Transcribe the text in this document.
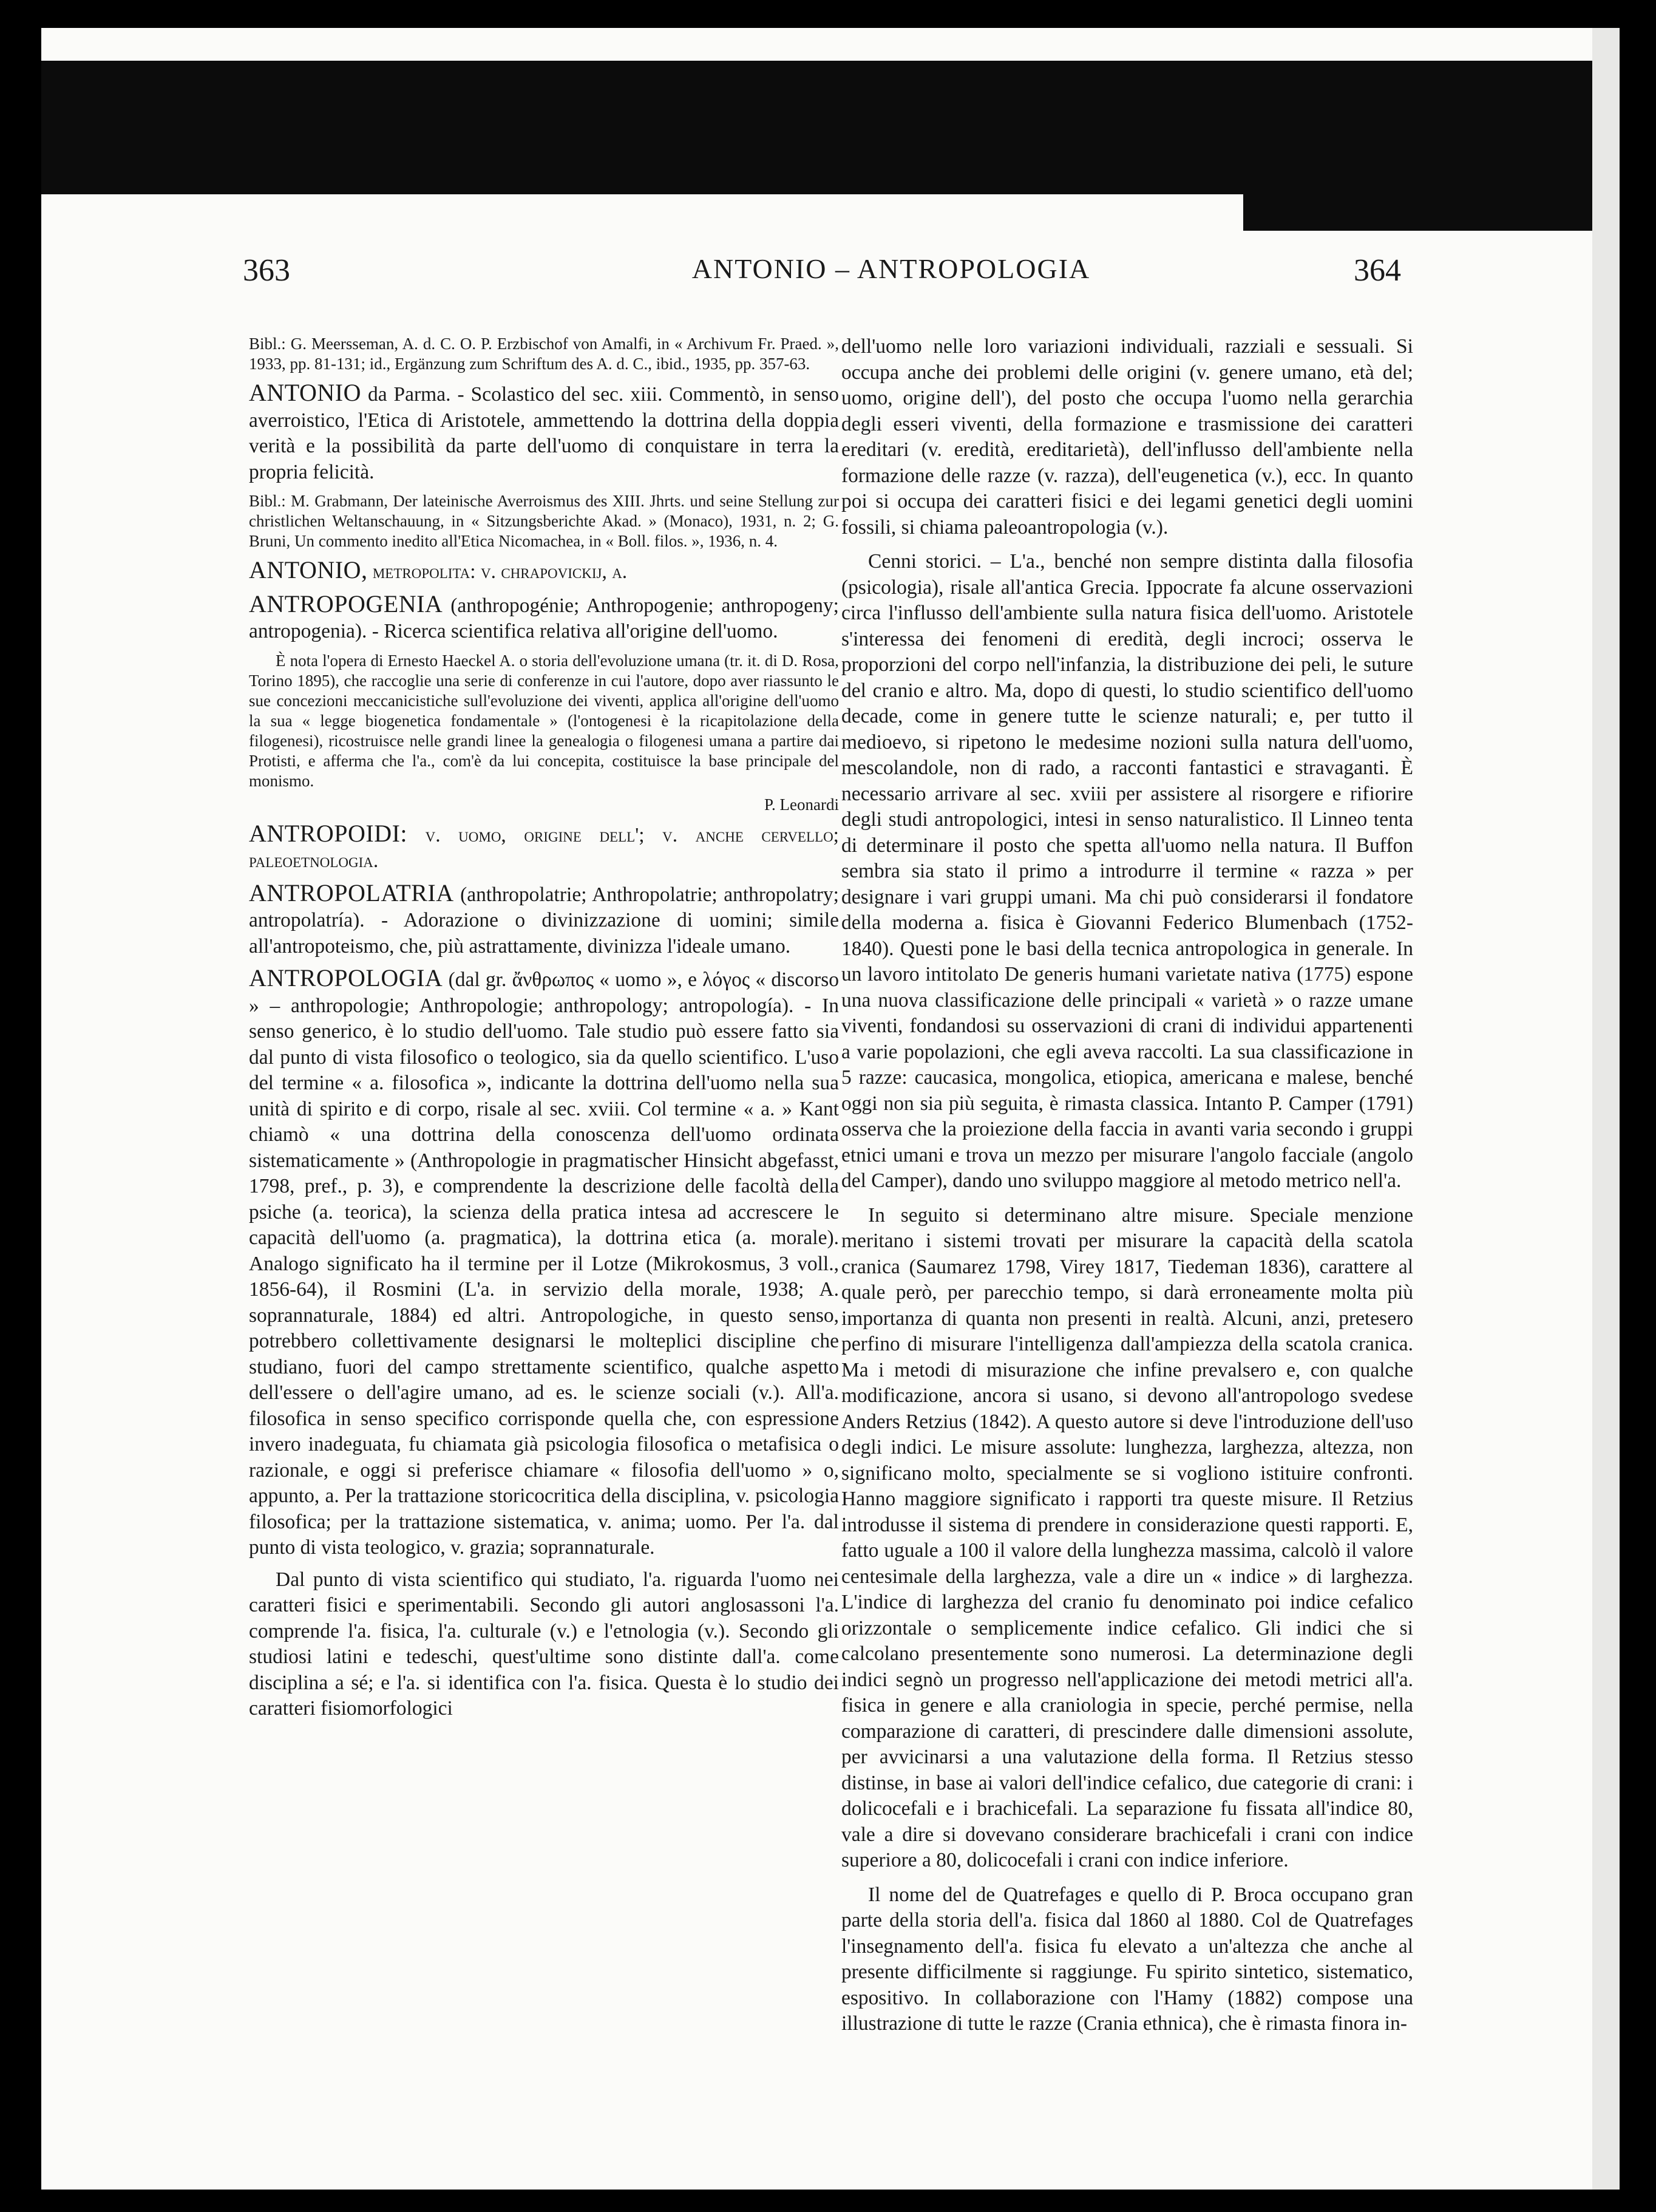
363	ANTONIO – ANTROPOLOGIA	364

Bibl.: G. Meersseman, A. d. C. O. P. Erzbischof von Amalfi, in « Archivum Fr. Praed. », 1933, pp. 81-131; id., Ergänzung zum Schriftum des A. d. C., ibid., 1935, pp. 357-63.

ANTONIO da Parma. - Scolastico del sec. xiii. Commentò, in senso averroistico, l'Etica di Aristotele, ammettendo la dottrina della doppia verità e la possibilità da parte dell'uomo di conquistare in terra la propria felicità.

Bibl.: M. Grabmann, Der lateinische Averroismus des XIII. Jhrts. und seine Stellung zur christlichen Weltanschauung, in « Sitzungsberichte Akad. » (Monaco), 1931, n. 2; G. Bruni, Un commento inedito all'Etica Nicomachea, in « Boll. filos. », 1936, n. 4.

ANTONIO, metropolita: v. chrapovickij, a.

ANTROPOGENIA (anthropogénie; Anthropogenie; anthropogeny; antropogenia). - Ricerca scientifica relativa all'origine dell'uomo.

È nota l'opera di Ernesto Haeckel A. o storia dell'evoluzione umana (tr. it. di D. Rosa, Torino 1895), che raccoglie una serie di conferenze in cui l'autore, dopo aver riassunto le sue concezioni meccanicistiche sull'evoluzione dei viventi, applica all'origine dell'uomo la sua « legge biogenetica fondamentale » (l'ontogenesi è la ricapitolazione della filogenesi), ricostruisce nelle grandi linee la genealogia o filogenesi umana a partire dai Protisti, e afferma che l'a., com'è da lui concepita, costituisce la base principale del monismo.

P. Leonardi

ANTROPOIDI: v. uomo, origine dell'; v. anche cervello; paleoetnologia.

ANTROPOLATRIA (anthropolatrie; Anthropolatrie; anthropolatry; antropolatría). - Adorazione o divinizzazione di uomini; simile all'antropoteismo, che, più astrattamente, divinizza l'ideale umano.

ANTROPOLOGIA (dal gr. ἄνθρωπος « uomo », e λόγος « discorso » – anthropologie; Anthropologie; anthropology; antropología). - In senso generico, è lo studio dell'uomo. Tale studio può essere fatto sia dal punto di vista filosofico o teologico, sia da quello scientifico. L'uso del termine « a. filosofica », indicante la dottrina dell'uomo nella sua unità di spirito e di corpo, risale al sec. xviii. Col termine « a. » Kant chiamò « una dottrina della conoscenza dell'uomo ordinata sistematicamente » (Anthropologie in pragmatischer Hinsicht abgefasst, 1798, pref., p. 3), e comprendente la descrizione delle facoltà della psiche (a. teorica), la scienza della pratica intesa ad accrescere le capacità dell'uomo (a. pragmatica), la dottrina etica (a. morale). Analogo significato ha il termine per il Lotze (Mikrokosmus, 3 voll., 1856-64), il Rosmini (L'a. in servizio della morale, 1938; A. soprannaturale, 1884) ed altri. Antropologiche, in questo senso, potrebbero collettivamente designarsi le molteplici discipline che studiano, fuori del campo strettamente scientifico, qualche aspetto dell'essere o dell'agire umano, ad es. le scienze sociali (v.). All'a. filosofica in senso specifico corrisponde quella che, con espressione invero inadeguata, fu chiamata già psicologia filosofica o metafisica o razionale, e oggi si preferisce chiamare « filosofia dell'uomo » o, appunto, a. Per la trattazione storicocritica della disciplina, v. psicologia filosofica; per la trattazione sistematica, v. anima; uomo. Per l'a. dal punto di vista teologico, v. grazia; soprannaturale.

Dal punto di vista scientifico qui studiato, l'a. riguarda l'uomo nei caratteri fisici e sperimentabili. Secondo gli autori anglosassoni l'a. comprende l'a. fisica, l'a. culturale (v.) e l'etnologia (v.). Secondo gli studiosi latini e tedeschi, quest'ultime sono distinte dall'a. come disciplina a sé; e l'a. si identifica con l'a. fisica. Questa è lo studio dei caratteri fisiomorfologici

dell'uomo nelle loro variazioni individuali, razziali e sessuali. Si occupa anche dei problemi delle origini (v. genere umano, età del; uomo, origine dell'), del posto che occupa l'uomo nella gerarchia degli esseri viventi, della formazione e trasmissione dei caratteri ereditari (v. eredità, ereditarietà), dell'influsso dell'ambiente nella formazione delle razze (v. razza), dell'eugenetica (v.), ecc. In quanto poi si occupa dei caratteri fisici e dei legami genetici degli uomini fossili, si chiama paleoantropologia (v.).

Cenni storici. – L'a., benché non sempre distinta dalla filosofia (psicologia), risale all'antica Grecia. Ippocrate fa alcune osservazioni circa l'influsso dell'ambiente sulla natura fisica dell'uomo. Aristotele s'interessa dei fenomeni di eredità, degli incroci; osserva le proporzioni del corpo nell'infanzia, la distribuzione dei peli, le suture del cranio e altro. Ma, dopo di questi, lo studio scientifico dell'uomo decade, come in genere tutte le scienze naturali; e, per tutto il medioevo, si ripetono le medesime nozioni sulla natura dell'uomo, mescolandole, non di rado, a racconti fantastici e stravaganti. È necessario arrivare al sec. xviii per assistere al risorgere e rifiorire degli studi antropologici, intesi in senso naturalistico. Il Linneo tenta di determinare il posto che spetta all'uomo nella natura. Il Buffon sembra sia stato il primo a introdurre il termine « razza » per designare i vari gruppi umani. Ma chi può considerarsi il fondatore della moderna a. fisica è Giovanni Federico Blumenbach (1752-1840). Questi pone le basi della tecnica antropologica in generale. In un lavoro intitolato De generis humani varietate nativa (1775) espone una nuova classificazione delle principali « varietà » o razze umane viventi, fondandosi su osservazioni di crani di individui appartenenti a varie popolazioni, che egli aveva raccolti. La sua classificazione in 5 razze: caucasica, mongolica, etiopica, americana e malese, benché oggi non sia più seguita, è rimasta classica. Intanto P. Camper (1791) osserva che la proiezione della faccia in avanti varia secondo i gruppi etnici umani e trova un mezzo per misurare l'angolo facciale (angolo del Camper), dando uno sviluppo maggiore al metodo metrico nell'a.

In seguito si determinano altre misure. Speciale menzione meritano i sistemi trovati per misurare la capacità della scatola cranica (Saumarez 1798, Virey 1817, Tiedeman 1836), carattere al quale però, per parecchio tempo, si darà erroneamente molta più importanza di quanta non presenti in realtà. Alcuni, anzi, pretesero perfino di misurare l'intelligenza dall'ampiezza della scatola cranica. Ma i metodi di misurazione che infine prevalsero e, con qualche modificazione, ancora si usano, si devono all'antropologo svedese Anders Retzius (1842). A questo autore si deve l'introduzione dell'uso degli indici. Le misure assolute: lunghezza, larghezza, altezza, non significano molto, specialmente se si vogliono istituire confronti. Hanno maggiore significato i rapporti tra queste misure. Il Retzius introdusse il sistema di prendere in considerazione questi rapporti. E, fatto uguale a 100 il valore della lunghezza massima, calcolò il valore centesimale della larghezza, vale a dire un « indice » di larghezza. L'indice di larghezza del cranio fu denominato poi indice cefalico orizzontale o semplicemente indice cefalico. Gli indici che si calcolano presentemente sono numerosi. La determinazione degli indici segnò un progresso nell'applicazione dei metodi metrici all'a. fisica in genere e alla craniologia in specie, perché permise, nella comparazione di caratteri, di prescindere dalle dimensioni assolute, per avvicinarsi a una valutazione della forma. Il Retzius stesso distinse, in base ai valori dell'indice cefalico, due categorie di crani: i dolicocefali e i brachicefali. La separazione fu fissata all'indice 80, vale a dire si dovevano considerare brachicefali i crani con indice superiore a 80, dolicocefali i crani con indice inferiore.

Il nome del de Quatrefages e quello di P. Broca occupano gran parte della storia dell'a. fisica dal 1860 al 1880. Col de Quatrefages l'insegnamento dell'a. fisica fu elevato a un'altezza che anche al presente difficilmente si raggiunge. Fu spirito sintetico, sistematico, espositivo. In collaborazione con l'Hamy (1882) compose una illustrazione di tutte le razze (Crania ethnica), che è rimasta finora in-
